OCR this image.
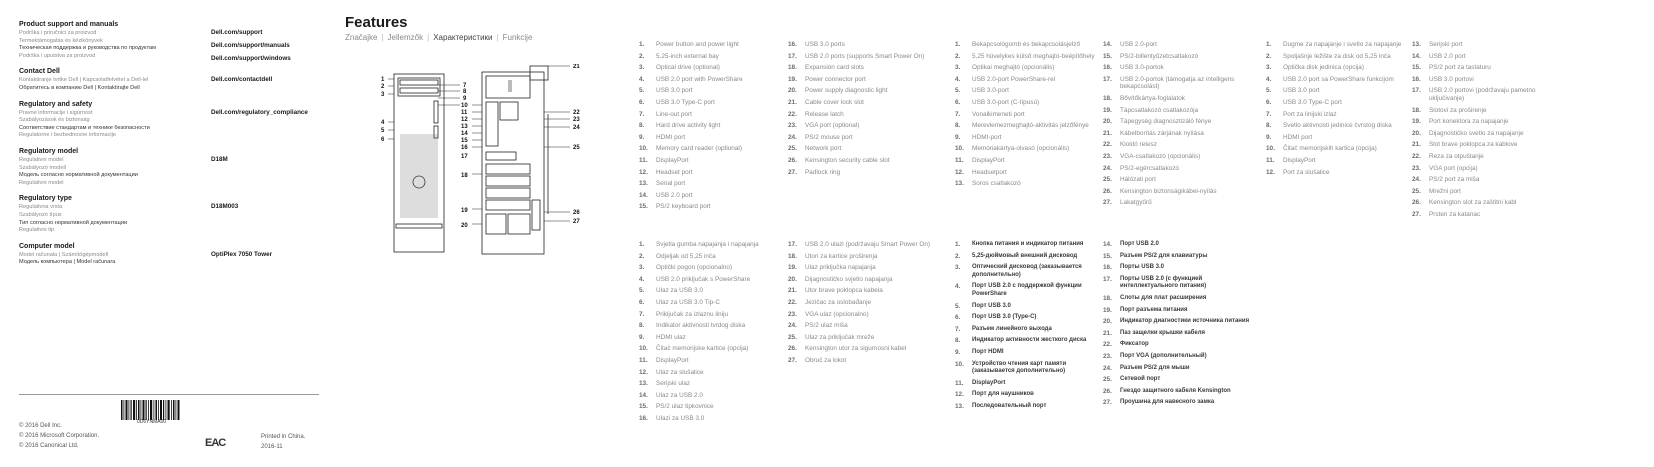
Product support and manuals
Podrška i priručnici za proizvod
Termektámogatás és kézikönyvek
Техническая поддержка и руководства по продуктам
Podrška i uputstva za proizvod
Dell.com/support
Dell.com/support/manuals
Dell.com/support/windows
Contact Dell
Kontaktiranje tvrtke Dell | Kapcsolatfelvétel a Dell-lel
Обратитесь в компанию Dell | Kontaktirajte Dell
Dell.com/contactdell
Regulatory and safety
Pravne informacije i sigurnost
Szabályozások és biztonság
Соответствие стандартам и технике безопасности
Regulatorne i bezbednosne informacije
Dell.com/regulatory_compliance
Regulatory model
Regulativni model
Szabályozó modell
Модель согласно нормативной документации
Regulativni model
D18M
Regulatory type
Regulativna vrsta
Szabályozó típus
Тип согласно нормативной документации
Regulativni tip
D18M003
Computer model
Model računala | Számítógépmodell
Модель компьютера | Model računara
OptiPlex 7050 Tower
0D6YNMA00
© 2016 Dell Inc.
© 2016 Microsoft Corporation.
© 2016 Canonical Ltd.	EAC	Printed in China.
2016-11
Features
Značajke | Jellemzők | Характеристики | Funkcije
1
2
3
4
5
6
7
8
9
10
11
12
13
14
15
16
17
18
19
20
21
22
23
24
25
26
27
1.	Power button and power light
2.	5.25-inch external bay
3.	Optical drive (optional)
4.	USB 2.0 port with PowerShare
5.	USB 3.0 port
6.	USB 3.0 Type-C port
7.	Line-out port
8.	Hard drive activity light
9.	HDMI port
10.	Memory card reader (optional)
11.	DisplayPort
12.	Headset port
13.	Serial port
14.	USB 2.0 port
15.	PS/2 keyboard port
16.	USB 3.0 ports
17.	USB 2.0 ports (supports Smart Power On)
18.	Expansion card slots
19.	Power connector port
20.	Power supply diagnostic light
21.	Cable cover lock slot
22.	Release latch
23.	VGA port (optional)
24.	PS/2 mouse port
25.	Network port
26.	Kensington security cable slot
27.	Padlock ring
1.	Bekapcsológomb és bekapcsolásjelző
2.	5,25 hüvelykes külső meghajtó-beépítőhely
3.	Optikai meghajtó (opcionális)
4.	USB 2.0-port PowerShare-rel
5.	USB 3.0-port
6.	USB 3.0-port (C-típusú)
7.	Vonalkimeneti port
8.	Merevlemezmeghajtó-aktivitás jelzőfénye
9.	HDMI-port
10.	Memóriakártya-olvasó (opcionális)
11.	DisplayPort
12.	Headsetport
13.	Soros csatlakozó
14.	USB 2.0-port
15.	PS/2-billentyűzetcsatlakozó
16.	USB 3.0-portok
17.	USB 2.0-portok (támogatja az intelligens bekapcsolást)
18.	Bővítőkártya-foglalatok
19.	Tápcsatlakozó csatlakozója
20.	Tápegység diagnosztizáló fénye
21.	Kábelborítás zárjának nyílása
22.	Kioldó retesz
23.	VGA-csatlakozó (opcionális)
24.	PS/2-egércsatlakozó
25.	Hálózati port
26.	Kensington biztonságikábel-nyílás
27.	Lakatgyűrű
1.	Dugme za napajanje i svetlo za napajanje
2.	Spoljašnje ležište za disk od 5,25 inča
3.	Optička disk jedinica (opcija)
4.	USB 2.0 port sa PowerShare funkcijom
5.	USB 3.0 port
6.	USB 3.0 Type-C port
7.	Port za linijski izlaz
8.	Svetlo aktivnosti jedinice čvrstog diska
9.	HDMI port
10.	Čitač memorijskih kartica (opcija)
11.	DisplayPort
12.	Port za slušalice
13.	Serijski port
14.	USB 2.0 port
15.	PS/2 port za tastaturu
16.	USB 3.0 portovi
17.	USB 2.0 portovi (podržavaju pametno uključivanje)
18.	Slotovi za proširenje
19.	Port konektora za napajanje
20.	Dijagnostičko svetlo za napajanje
21.	Slot brave poklopca za kablove
22.	Reza za otpuštanje
23.	VGA port (opcija)
24.	PS/2 port za miša
25.	Mrežni port
26.	Kensington slot za zaštitni kabl
27.	Prsten za katanac
1.	Svjetla gumba napajanja i napajanja
2.	Odjeljak od 5,25 inča
3.	Optički pogon (opcionalno)
4.	USB 2.0 priključak s PowerShare
5.	Ulaz za USB 3.0
6.	Ulaz za USB 3.0 Tip-C
7.	Priključak za izlaznu liniju
8.	Indikator aktivnosti tvrdog diska
9.	HDMI ulaz
10.	Čitač memorijske kartice (opcija)
11.	DisplayPort
12.	Ulaz za slušalice
13.	Serijski ulaz
14.	Ulaz za USB 2.0
15.	PS/2 ulaz tipkovnice
16.	Ulazi za USB 3.0
17.	USB 2.0 ulazi (podržavaju Smart Power On)
18.	Utori za kartice proširenja
19.	Ulaz priključka napajanja
20.	Dijagnostičko svjetlo napajanja
21.	Utor brave poklopca kabela
22.	Jezičac za oslobađanje
23.	VGA ulaz (opcionalno)
24.	PS/2 ulaz miša
25.	Ulaz za priključak mreže
26.	Kensington utor za sigurnosni kabel
27.	Obruč za lokot
1.	Кнопка питания и индикатор питания
2.	5,25-дюймовый внешний дисковод
3.	Оптический дисковод (заказывается дополнительно)
4.	Порт USB 2.0 с поддержкой функции PowerShare
5.	Порт USB 3.0
6.	Порт USB 3.0 (Type-C)
7.	Разъем линейного выхода
8.	Индикатор активности жесткого диска
9.	Порт HDMI
10.	Устройство чтения карт памяти (заказывается дополнительно)
11.	DisplayPort
12.	Порт для наушников
13.	Последовательный порт
14.	Порт USB 2.0
15.	Разъем PS/2 для клавиатуры
16.	Порты USB 3.0
17.	Порты USB 2.0 (с функцией интеллектуального питания)
18.	Слоты для плат расширения
19.	Порт разъема питания
20.	Индикатор диагностики источника питания
21.	Паз защелки крышки кабеля
22.	Фиксатор
23.	Порт VGA (дополнительный)
24.	Разъем PS/2 для мыши
25.	Сетевой порт
26.	Гнездо защитного кабеля Kensington
27.	Проушина для навесного замка
